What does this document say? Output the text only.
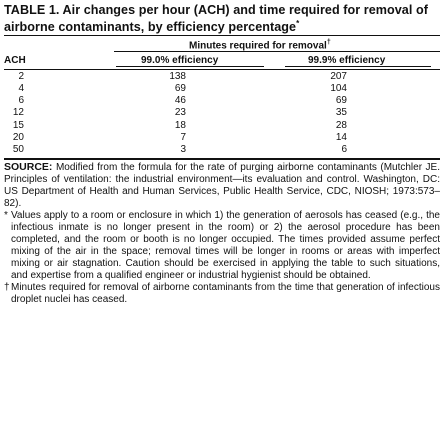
TABLE 1. Air changes per hour (ACH) and time required for removal of airborne contaminants, by efficiency percentage*
Minutes required for removal†
ACH	99.0% efficiency	99.9% efficiency
2	138	207
4	69	104
6	46	69
12	23	35
15	18	28
20	7	14
50	3	6

SOURCE: Modified from the formula for the rate of purging airborne contaminants (Mutchler JE. Principles of ventilation: the industrial environment—its evaluation and control. Washington, DC: US Department of Health and Human Services, Public Health Service, CDC, NIOSH; 1973:573–82).

* Values apply to a room or enclosure in which 1) the generation of aerosols has ceased (e.g., the infectious inmate is no longer present in the room) or 2) the aerosol procedure has been completed, and the room or booth is no longer occupied. The times provided assume perfect mixing of the air in the space; removal times will be longer in rooms or areas with imperfect mixing or air stagnation. Caution should be exercised in applying the table to such situations, and expertise from a qualified engineer or industrial hygienist should be obtained.

†Minutes required for removal of airborne contaminants from the time that generation of infectious droplet nuclei has ceased.
